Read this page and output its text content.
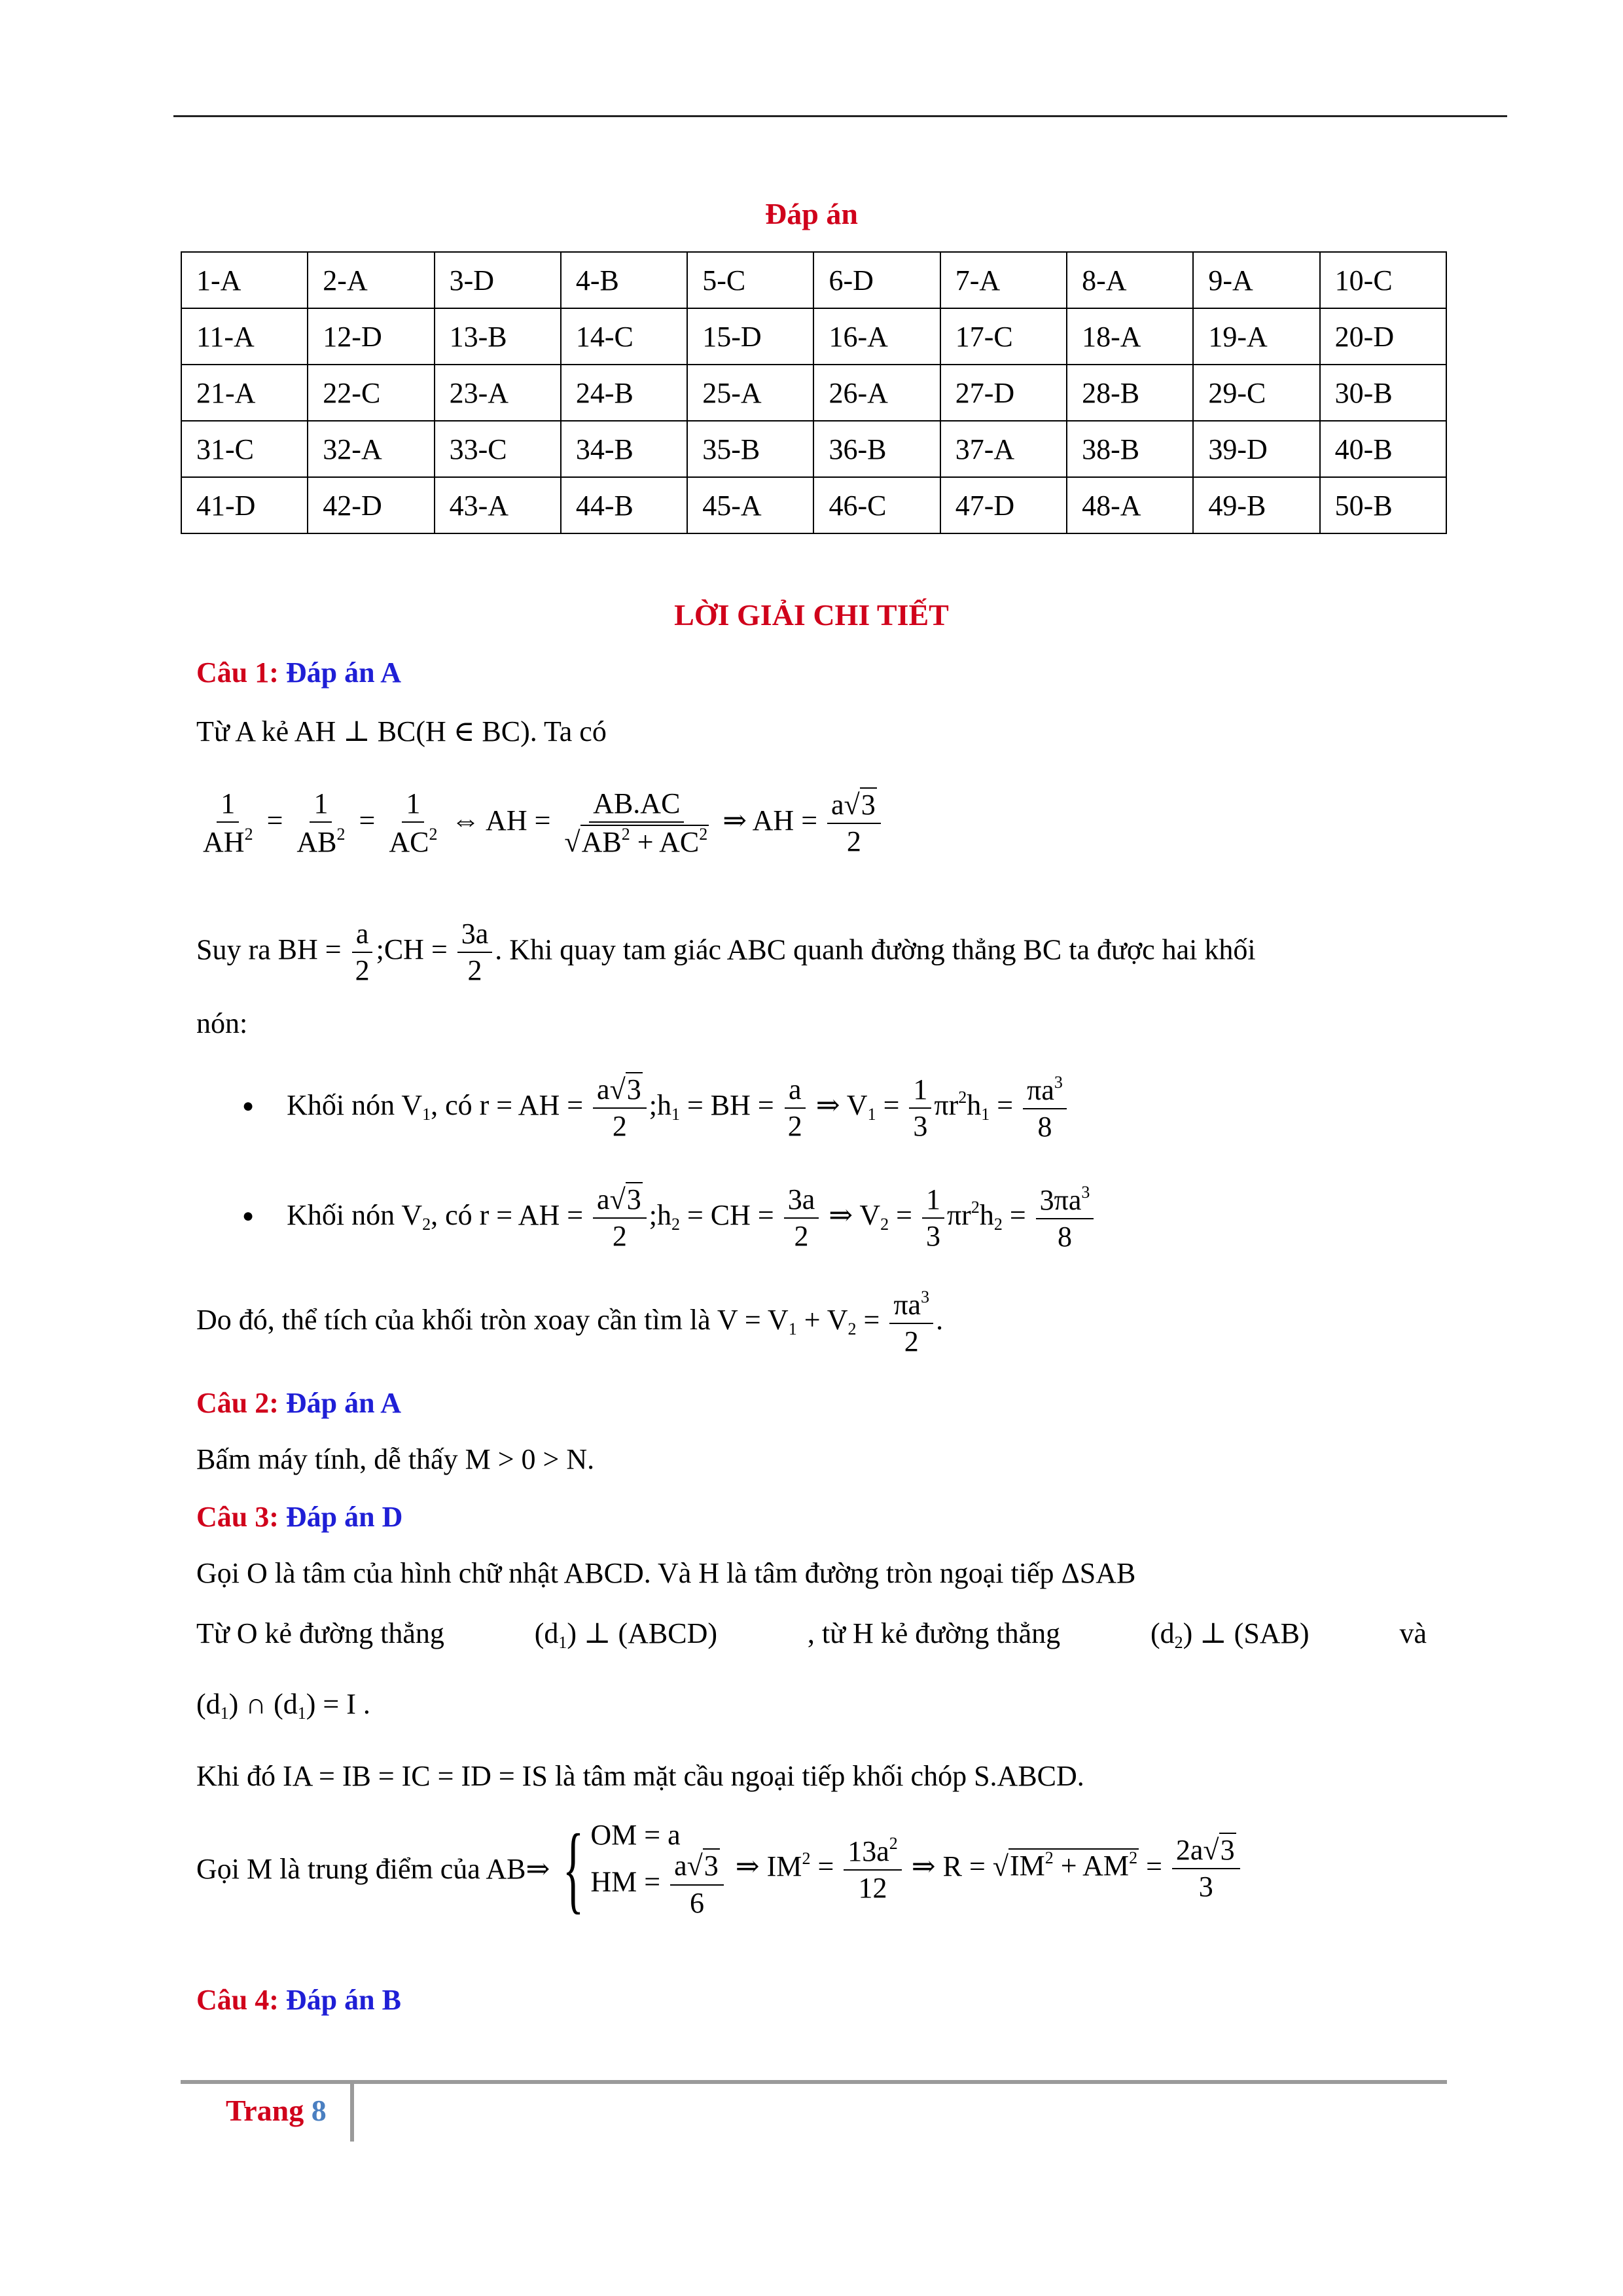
Đáp án
1-A	2-A	3-D	4-B	5-C	6-D	7-A	8-A	9-A	10-C
11-A	12-D	13-B	14-C	15-D	16-A	17-C	18-A	19-A	20-D
21-A	22-C	23-A	24-B	25-A	26-A	27-D	28-B	29-C	30-B
31-C	32-A	33-C	34-B	35-B	36-B	37-A	38-B	39-D	40-B
41-D	42-D	43-A	44-B	45-A	46-C	47-D	48-A	49-B	50-B
LỜI GIẢI CHI TIẾT
Câu 1: Đáp án A
Từ A kẻ AH ⊥ BC(H ∈ BC). Ta có
$\frac{1}{AH^2} = \frac{1}{AB^2} = \frac{1}{AC^2}$ ⇔ AH = $\frac{AB.AC}{√AB^2 + AC^2}$ ⇒ AH = $\frac{a√3}{2}$
Suy ra BH = $\frac{a}{2}$ ;CH = $\frac{3a}{2}$ . Khi quay tam giác ABC quanh đường thẳng BC ta được hai khối
nón:
● Khối nón $V_1$, có r = AH = $\frac{a√3}{2}$ $;h_1$ = BH = $\frac{a}{2}$ ⇒ $V_1 = \frac{1}{3} \pi r^2h_1 = \frac{\pi a^3}{8}$
● Khối nón $V_2$, có r = AH = $\frac{a√3}{2}$ $;h_2$ = CH = $\frac{3a}{2}$ ⇒ $V_2 = \frac{1}{3} \pi r^2h_2 = \frac{3\pi a^3}{8}$
Do đó, thể tích của khối tròn xoay cần tìm là $V = V_1 + V_2 = \frac{\pi a^3}{2}$ .
Câu 2: Đáp án A
Bấm máy tính, dễ thấy M > 0 > N.
Câu 3: Đáp án D
Gọi O là tâm của hình chữ nhật ABCD. Và H là tâm đường tròn ngoại tiếp ΔSAB
Từ O kẻ đường thẳng	$(d_1)$ ⊥ (ABCD)	, từ H kẻ đường thẳng	$(d_2)$ ⊥ (SAB)	và
$(d_1)$ ∩ $(d_1) = I$ .
Khi đó IA = IB = IC = ID = IS là tâm mặt cầu ngoại tiếp khối chóp S.ABCD.
Gọi M là trung điểm của AB ⇒ { OM = a
HM = $\frac{a√3}{6}$ ⇒ $IM^2 = \frac{13a^2}{12}$ ⇒ $R = √IM^2 + AM^2 = \frac{2a√3}{3}$
Câu 4: Đáp án B
Trang 8
